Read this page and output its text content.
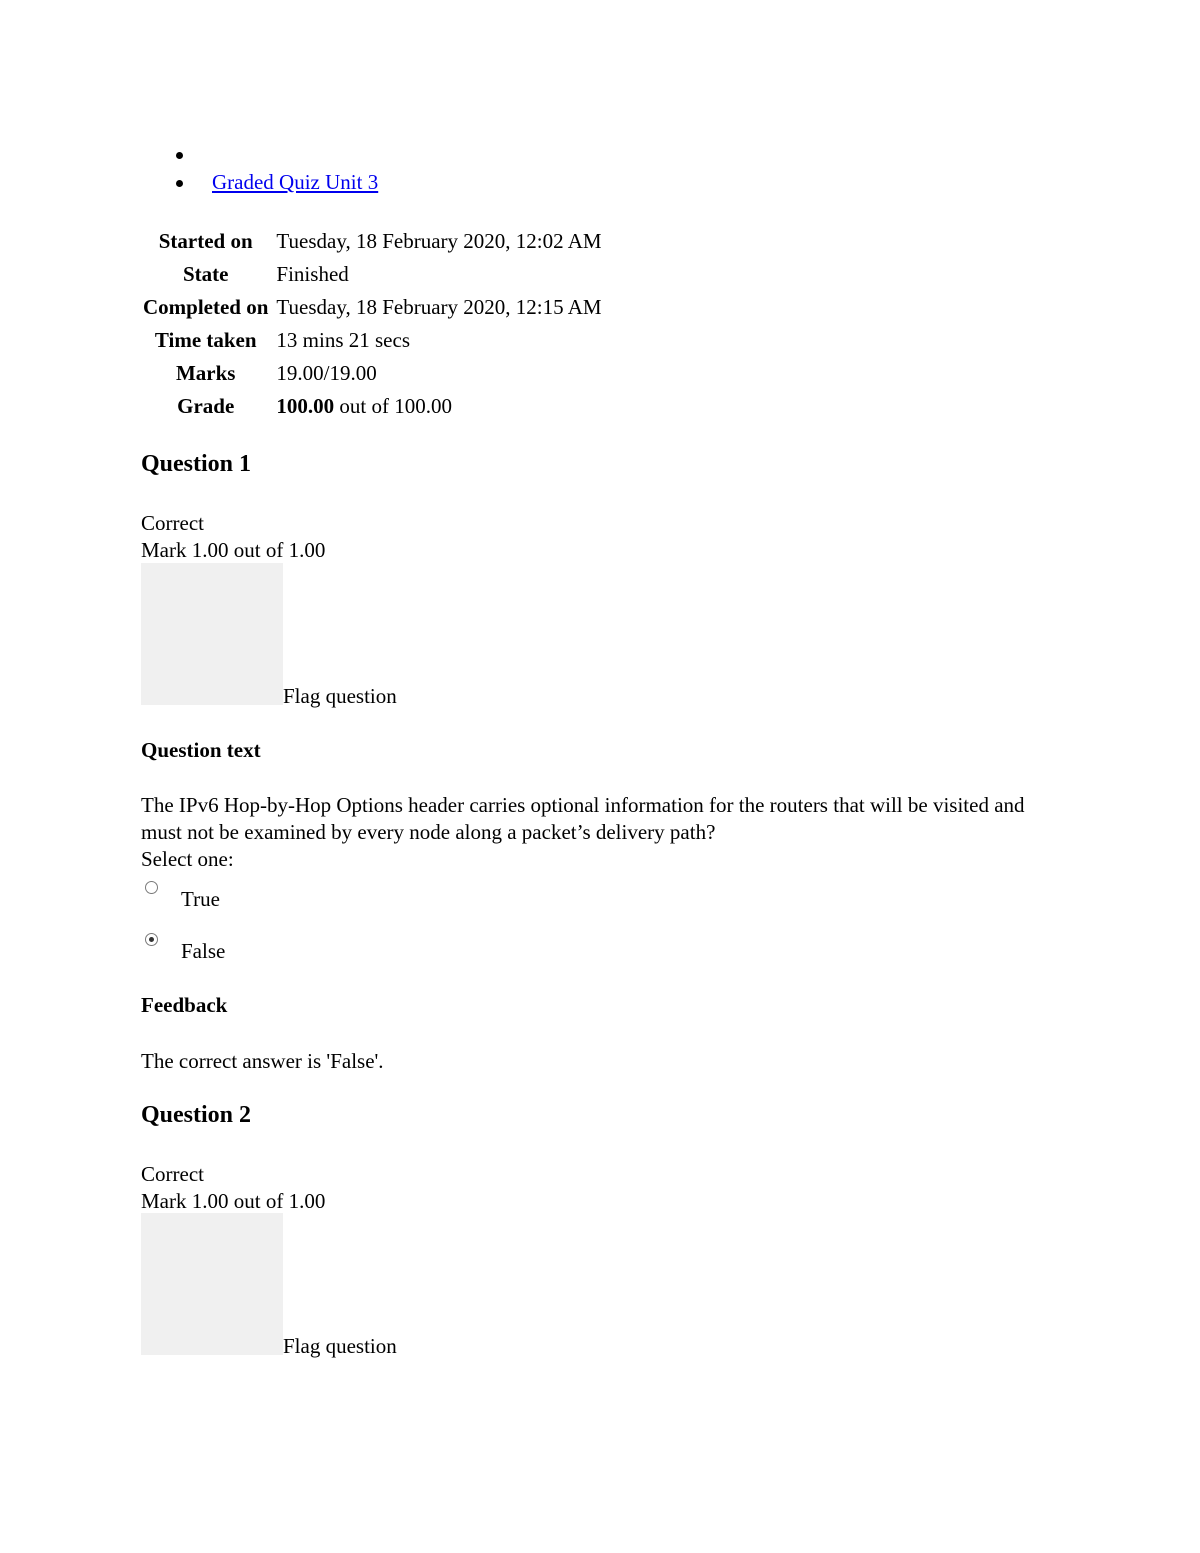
Graded Quiz Unit 3
Started on	Tuesday, 18 February 2020, 12:02 AM
State	Finished
Completed on	Tuesday, 18 February 2020, 12:15 AM
Time taken	13 mins 21 secs
Marks	19.00/19.00
Grade	100.00 out of 100.00
Question 1
Correct
Mark 1.00 out of 1.00
Flag question
Question text
The IPv6 Hop-by-Hop Options header carries optional information for the routers that will be visited and must not be examined by every node along a packet’s delivery path?
Select one:
True
False
Feedback
The correct answer is 'False'.
Question 2
Correct
Mark 1.00 out of 1.00
Flag question
